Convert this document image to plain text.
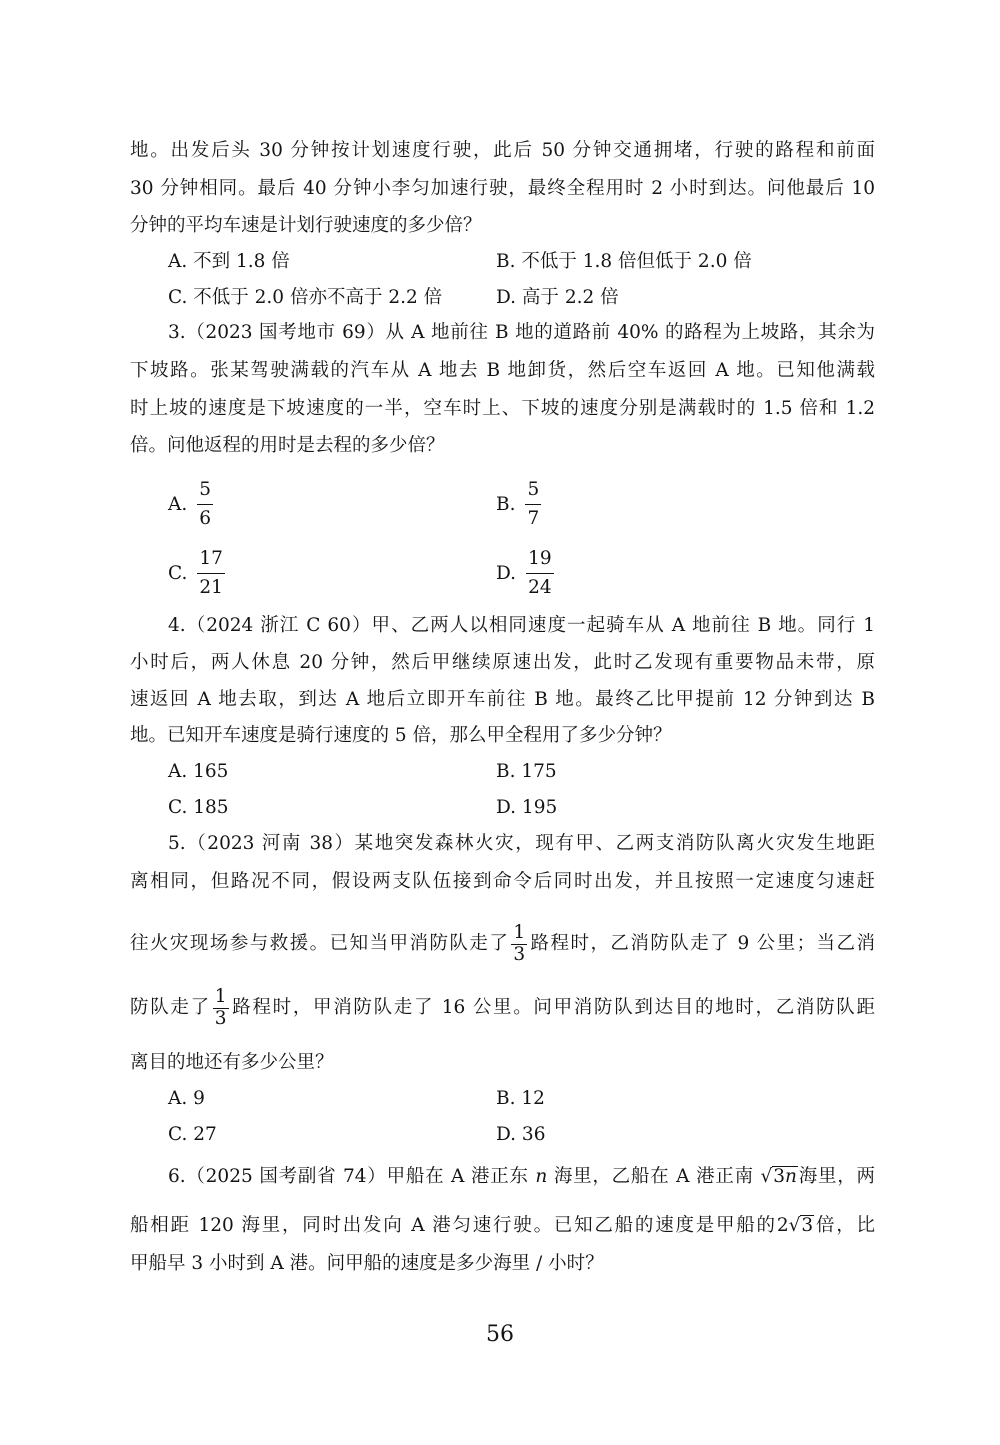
地。出发后头 30 分钟按计划速度行驶，此后 50 分钟交通拥堵，行驶的路程和前面
30 分钟相同。最后 40 分钟小李匀加速行驶，最终全程用时 2 小时到达。问他最后 10
分钟的平均车速是计划行驶速度的多少倍？
A. 不到 1.8 倍	B. 不低于 1.8 倍但低于 2.0 倍
C. 不低于 2.0 倍亦不高于 2.2 倍	D. 高于 2.2 倍
3.（2023 国考地市 69）从 A 地前往 B 地的道路前 40% 的路程为上坡路，其余为
下坡路。张某驾驶满载的汽车从 A 地去 B 地卸货，然后空车返回 A 地。已知他满载
时上坡的速度是下坡速度的一半，空车时上、下坡的速度分别是满载时的 1.5 倍和 1.2
倍。问他返程的用时是去程的多少倍？
A. $\frac{5}{6}$	B. $\frac{5}{7}$
C. $\frac{17}{21}$	D. $\frac{19}{24}$
4.（2024 浙江 C 60）甲、乙两人以相同速度一起骑车从 A 地前往 B 地。同行 1
小时后，两人休息 20 分钟，然后甲继续原速出发，此时乙发现有重要物品未带，原
速返回 A 地去取，到达 A 地后立即开车前往 B 地。最终乙比甲提前 12 分钟到达 B
地。已知开车速度是骑行速度的 5 倍，那么甲全程用了多少分钟？
A. 165	B. 175
C. 185	D. 195
5.（2023 河南 38）某地突发森林火灾，现有甲、乙两支消防队离火灾发生地距
离相同，但路况不同，假设两支队伍接到命令后同时出发，并且按照一定速度匀速赶
往火灾现场参与救援。已知当甲消防队走了 $\frac{1}{3}$ 路程时，乙消防队走了 9 公里；当乙消
防队走了 $\frac{1}{3}$ 路程时，甲消防队走了 16 公里。问甲消防队到达目的地时，乙消防队距
离目的地还有多少公里？
A. 9	B. 12
C. 27	D. 36
6.（2025 国考副省 74）甲船在 A 港正东 n 海里，乙船在 A 港正南 √3n海里，两
船相距 120 海里，同时出发向 A 港匀速行驶。已知乙船的速度是甲船的2√3倍，比
甲船早 3 小时到 A 港。问甲船的速度是多少海里 / 小时？
56
